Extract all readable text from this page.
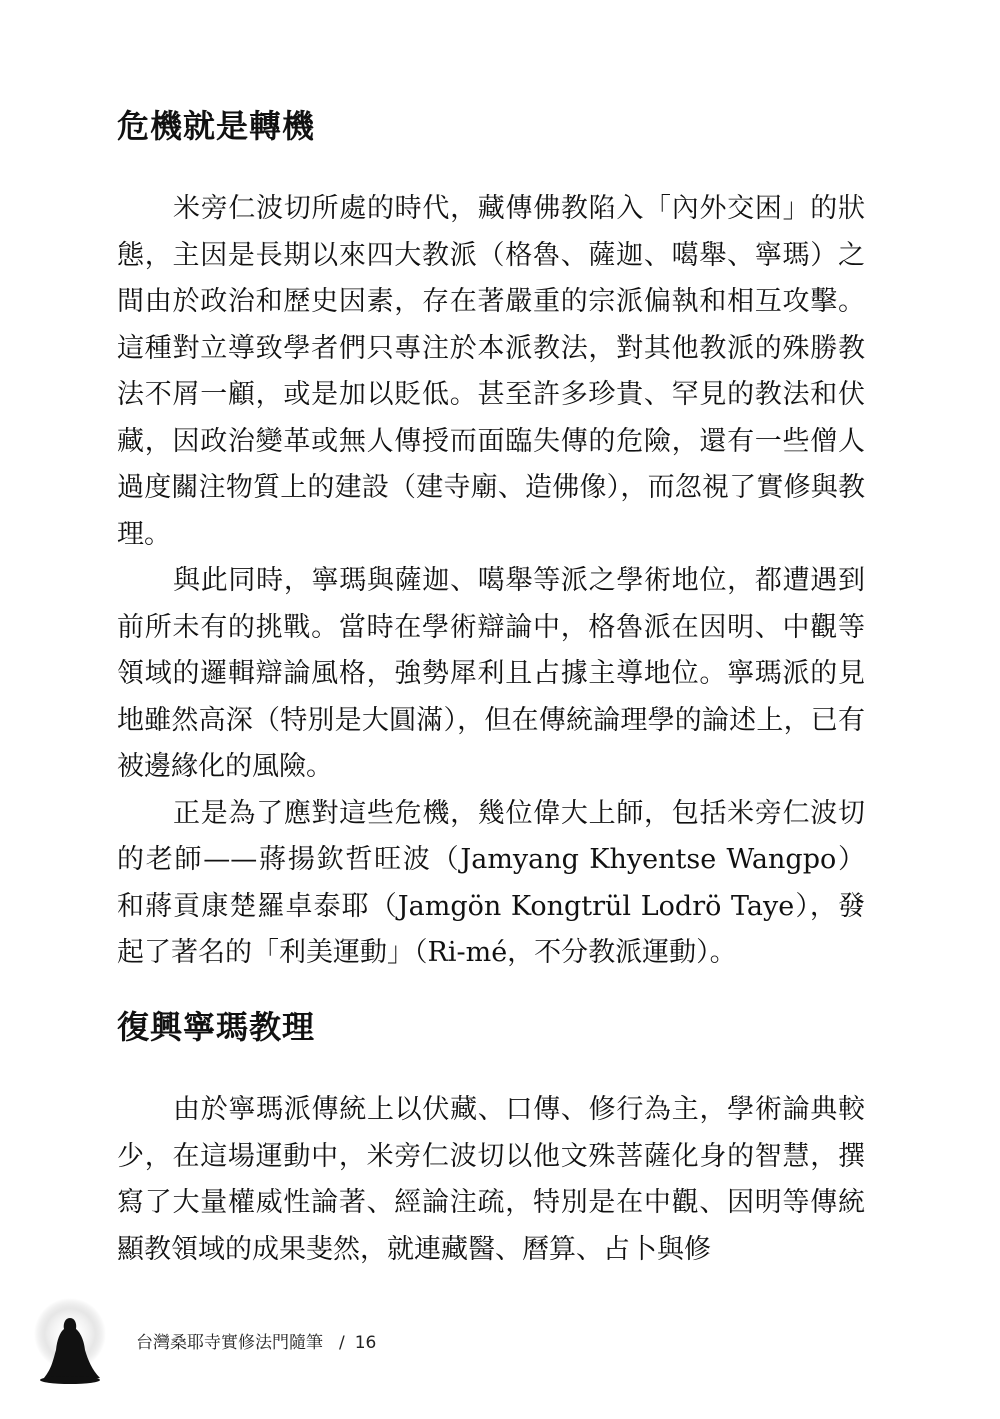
危機就是轉機

米旁仁波切所處的時代，藏傳佛教陷入「內外交困」的狀態，主因是長期以來四大教派（格魯、薩迦、噶舉、寧瑪）之間由於政治和歷史因素，存在著嚴重的宗派偏執和相互攻擊。這種對立導致學者們只專注於本派教法，對其他教派的殊勝教法不屑一顧，或是加以貶低。甚至許多珍貴、罕見的教法和伏藏，因政治變革或無人傳授而面臨失傳的危險，還有一些僧人過度關注物質上的建設（建寺廟、造佛像），而忽視了實修與教理。

與此同時，寧瑪與薩迦、噶舉等派之學術地位，都遭遇到前所未有的挑戰。當時在學術辯論中，格魯派在因明、中觀等領域的邏輯辯論風格，強勢犀利且占據主導地位。寧瑪派的見地雖然高深（特別是大圓滿），但在傳統論理學的論述上，已有被邊緣化的風險。

正是為了應對這些危機，幾位偉大上師，包括米旁仁波切的老師——蔣揚欽哲旺波（Jamyang Khyentse Wangpo）和蔣貢康楚羅卓泰耶（Jamgön Kongtrül Lodrö Taye），發起了著名的「利美運動」（Ri-mé，不分教派運動）。

復興寧瑪教理

由於寧瑪派傳統上以伏藏、口傳、修行為主，學術論典較少，在這場運動中，米旁仁波切以他文殊菩薩化身的智慧，撰寫了大量權威性論著、經論注疏，特別是在中觀、因明等傳統顯教領域的成果斐然，就連藏醫、曆算、占卜與修

台灣桑耶寺實修法門隨筆 / 16
